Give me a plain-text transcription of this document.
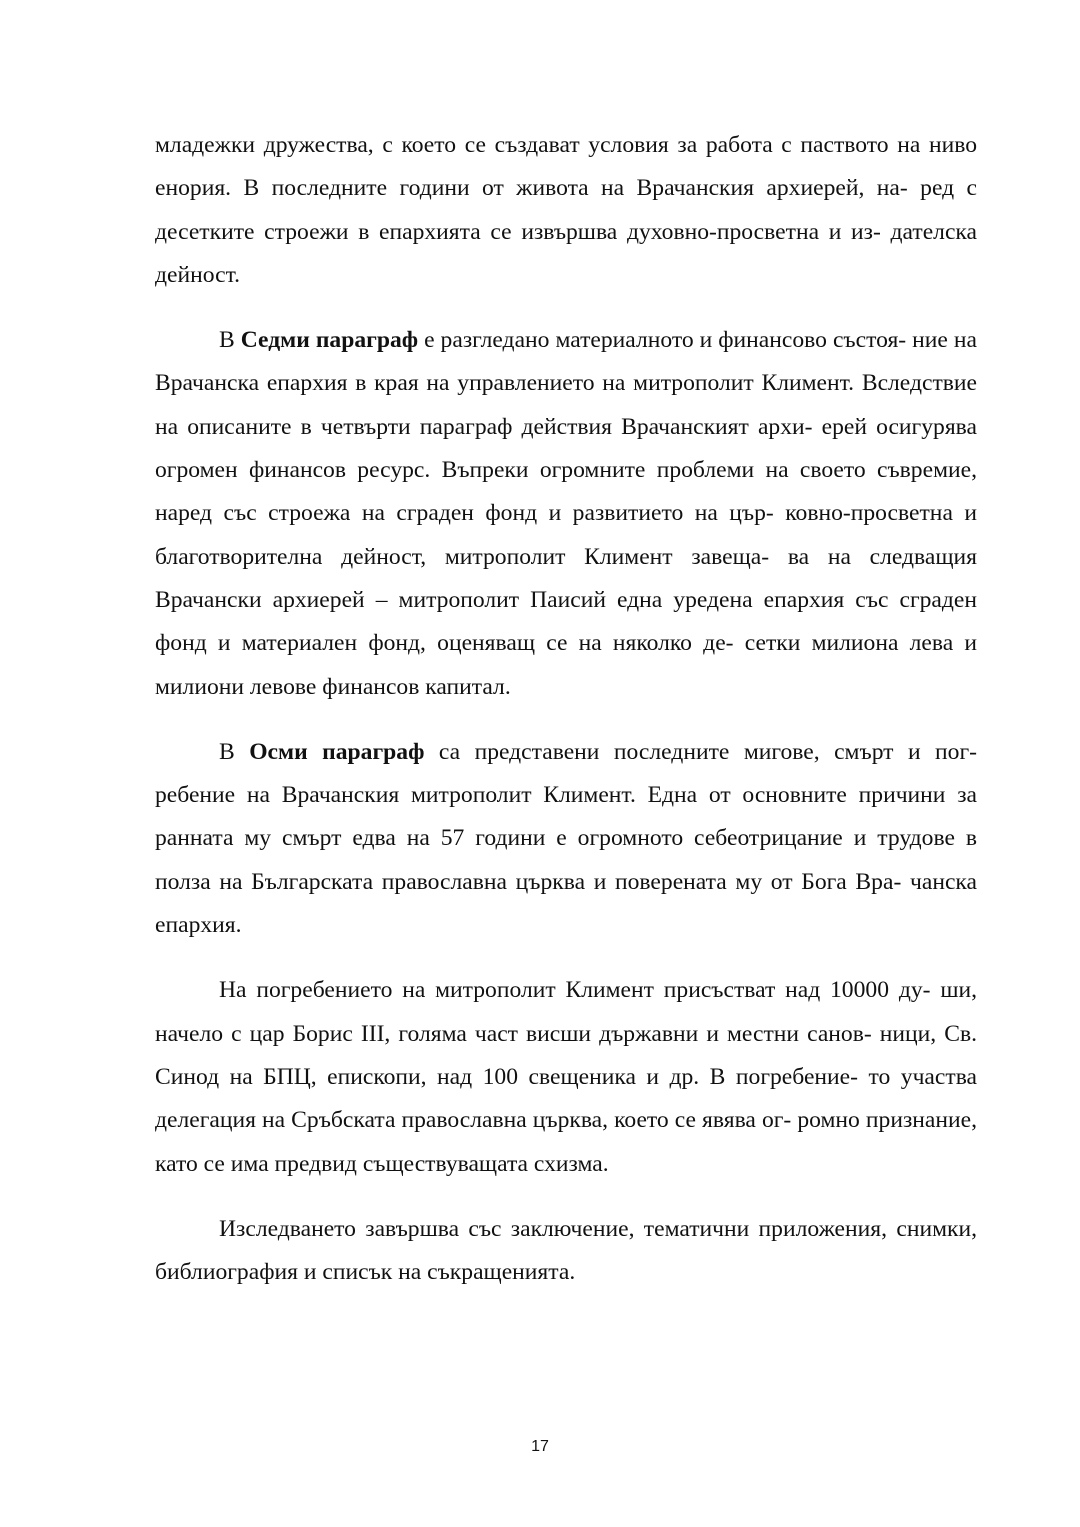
младежки дружества, с което се създават условия за работа с паството на ниво енория. В последните години от живота на Врачанския архиерей, на- ред с десетките строежи в епархията се извършва духовно-просветна и из- дателска дейност.

В Седми параграф е разгледано материалното и финансово състоя- ние на Врачанска епархия в края на управлението на митрополит Климент. Вследствие на описаните в четвърти параграф действия Врачанският архи- ерей осигурява огромен финансов ресурс. Въпреки огромните проблеми на своето съвремие, наред със строежа на сграден фонд и развитието на цър- ковно-просветна и благотворителна дейност, митрополит Климент завеща- ва на следващия Врачански архиерей – митрополит Паисий една уредена епархия със сграден фонд и материален фонд, оценяващ се на няколко де- сетки милиона лева и милиони левове финансов капитал.

В Осми параграф са представени последните мигове, смърт и пог- ребение на Врачанския митрополит Климент. Една от основните причини за ранната му смърт едва на 57 години е огромното себеотрицание и трудове в полза на Българската православна църква и поверената му от Бога Вра- чанска епархия.

На погребението на митрополит Климент присъстват над 10000 ду- ши, начело с цар Борис III, голяма част висши държавни и местни санов- ници, Св. Синод на БПЦ, епископи, над 100 свещеника и др. В погребение- то участва делегация на Сръбската православна църква, което се явява ог- ромно признание, като се има предвид съществуващата схизма.

Изследването завършва със заключение, тематични приложения, снимки, библиография и списък на съкращенията.

17
